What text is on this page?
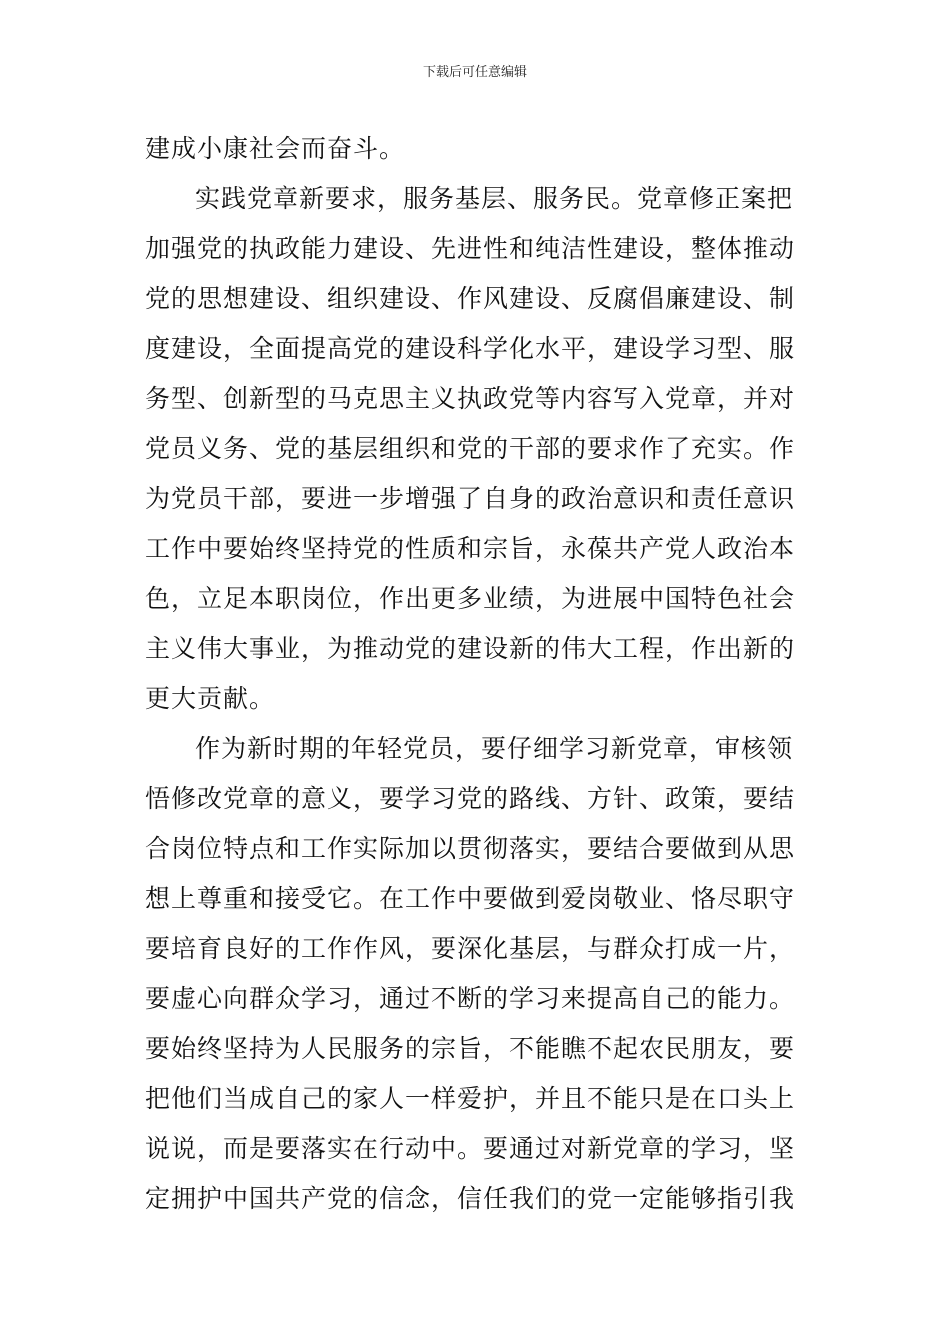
下载后可任意编辑
建成小康社会而奋斗。
实践党章新要求，服务基层、服务民。党章修正案把
加强党的执政能力建设、先进性和纯洁性建设，整体推动
党的思想建设、组织建设、作风建设、反腐倡廉建设、制
度建设，全面提高党的建设科学化水平，建设学习型、服
务型、创新型的马克思主义执政党等内容写入党章，并对
党员义务、党的基层组织和党的干部的要求作了充实。作
为党员干部，要进一步增强了自身的政治意识和责任意识
工作中要始终坚持党的性质和宗旨，永葆共产党人政治本
色，立足本职岗位，作出更多业绩，为进展中国特色社会
主义伟大事业，为推动党的建设新的伟大工程，作出新的
更大贡献。
作为新时期的年轻党员，要仔细学习新党章，审核领
悟修改党章的意义，要学习党的路线、方针、政策，要结
合岗位特点和工作实际加以贯彻落实，要结合要做到从思
想上尊重和接受它。在工作中要做到爱岗敬业、恪尽职守
要培育良好的工作作风，要深化基层，与群众打成一片，
要虚心向群众学习，通过不断的学习来提高自己的能力。
要始终坚持为人民服务的宗旨，不能瞧不起农民朋友，要
把他们当成自己的家人一样爱护，并且不能只是在口头上
说说，而是要落实在行动中。要通过对新党章的学习，坚
定拥护中国共产党的信念，信任我们的党一定能够指引我
